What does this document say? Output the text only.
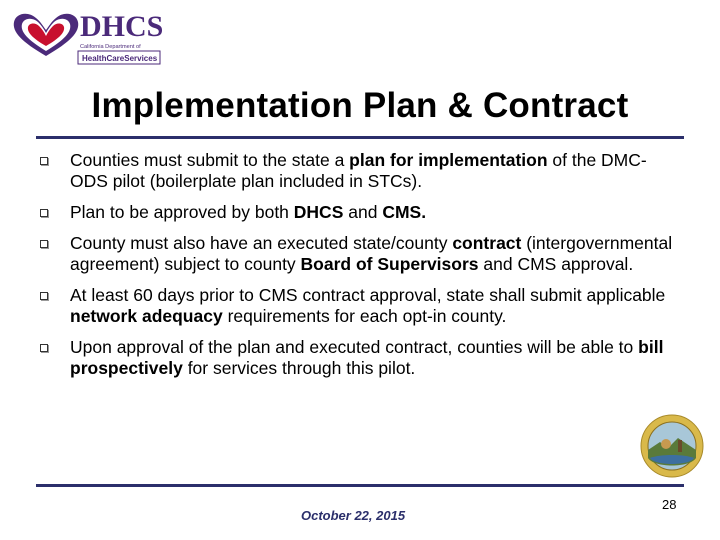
DHCS
California Department of
HealthCareServices
Implementation Plan & Contract
Counties must submit to the state a plan for implementation of the DMC-ODS pilot (boilerplate plan included in STCs).
Plan to be approved by both DHCS and CMS.
County must also have an executed state/county contract (intergovernmental agreement) subject to county Board of Supervisors and CMS approval.
At least 60 days prior to CMS contract approval, state shall submit applicable network adequacy requirements for each opt-in county.
Upon approval of the plan and executed contract, counties will be able to bill prospectively for services through this pilot.
October 22, 2015
28
